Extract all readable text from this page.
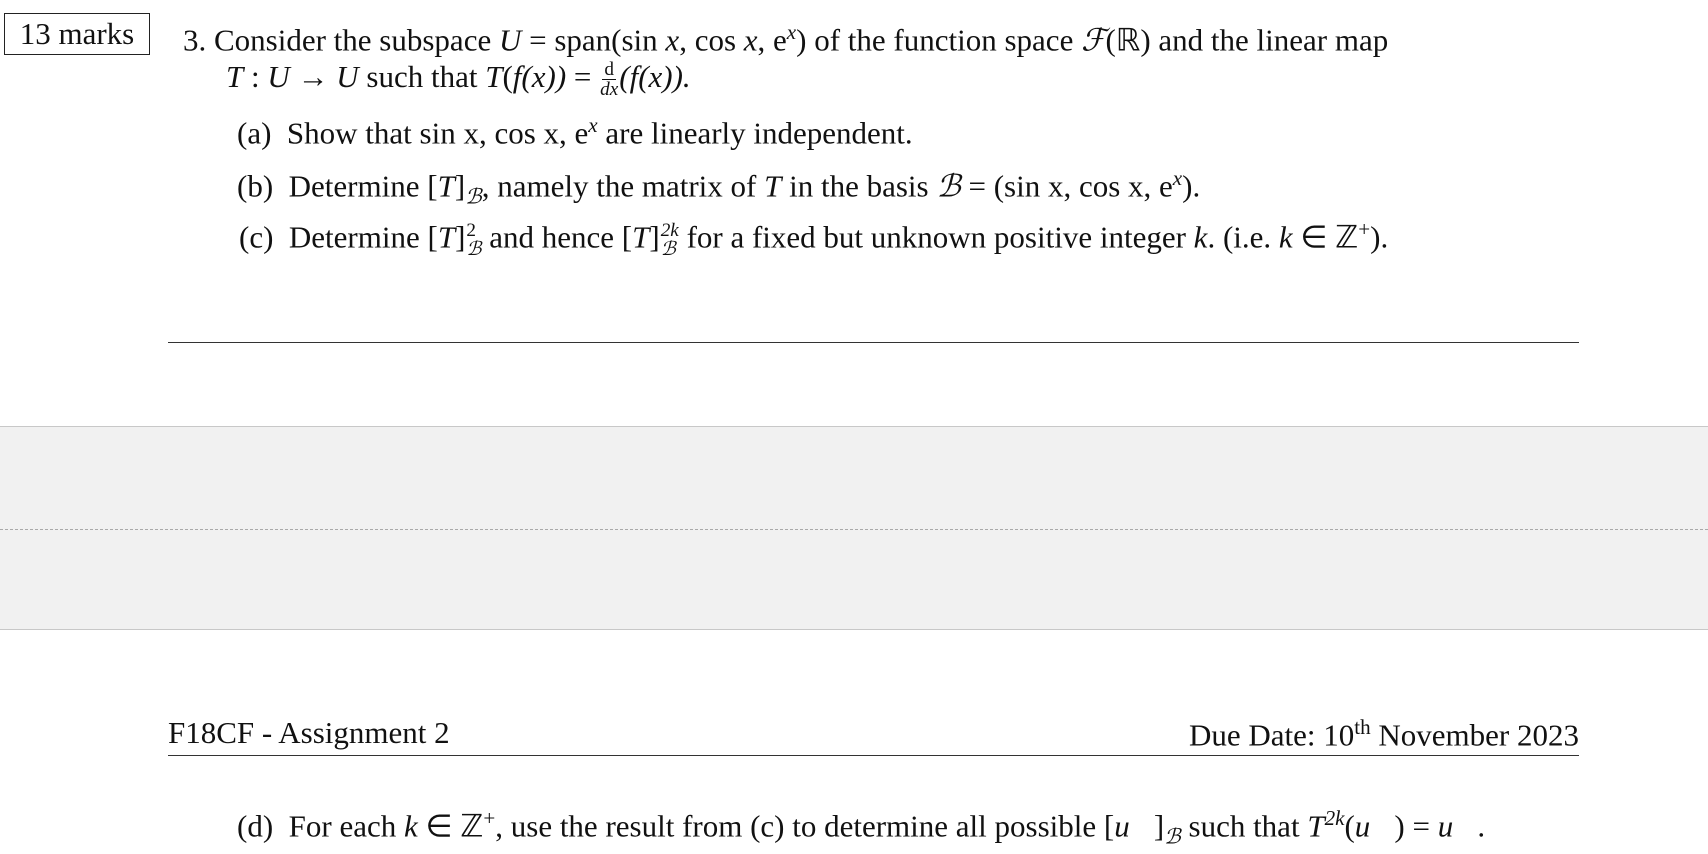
13 marks 3. Consider the subspace U = span(sin x, cos x, $e^x$) of the function space ℱ(ℝ) and the linear map
T : U → U such that $T(f(x)) = \frac{d}{dx} (f(x))$.
(a) Show that sin x, cos x, $e^x$ are linearly independent.
(b) Determine $[T]_ℬ$, namely the matrix of T in the basis ℬ = (sin x, cos x, $e^x$).
(c) Determine [T] 2
ℬ and hence [T] 2k
ℬ for a fixed but unknown positive integer k. (i.e. k ∈ ℤ+).
F18CF - Assignment 2	Due Date: 10th November 2023
(d) For each k ∈ ℤ+, use the result from (c) to determine all possible $[u⃗]_ℬ$ such that $T^{2k}(u⃗)$ = u⃗.
